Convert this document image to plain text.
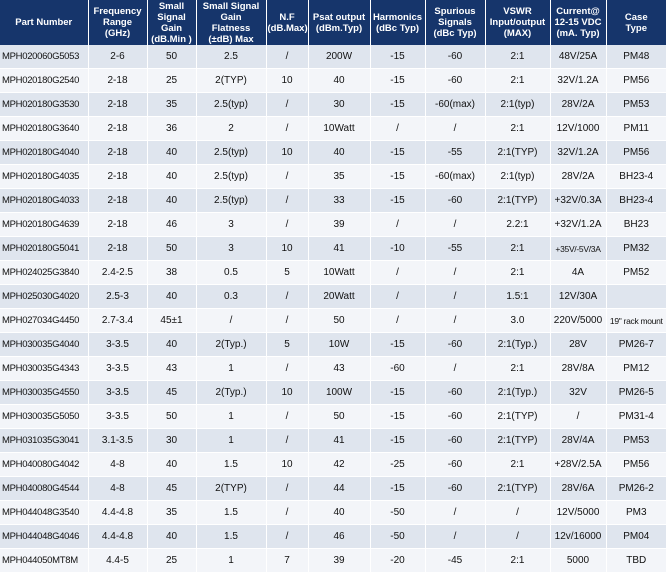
Part Number	Frequency
Range
(GHz)	Small
Signal
Gain
(dB.Min )	Small Signal
Gain
Flatness
(±dB) Max	N.F
(dB.Max)	Psat output
(dBm.Typ)	Harmonics
(dBc Typ)	Spurious
Signals
(dBc Typ)	VSWR
Input/output
(MAX)	Current@
12-15 VDC
(mA. Typ)	Case
Type
MPH020060G5053	2-6	50	2.5	/	200W	-15	-60	2:1	48V/25A	PM48
MPH020180G2540	2-18	25	2(TYP)	10	40	-15	-60	2:1	32V/1.2A	PM56
MPH020180G3530	2-18	35	2.5(typ)	/	30	-15	-60(max)	2:1(typ)	28V/2A	PM53
MPH020180G3640	2-18	36	2	/	10Watt	/	/	2:1	12V/1000	PM11
MPH020180G4040	2-18	40	2.5(typ)	10	40	-15	-55	2:1(TYP)	32V/1.2A	PM56
MPH020180G4035	2-18	40	2.5(typ)	/	35	-15	-60(max)	2:1(typ)	28V/2A	BH23-4
MPH020180G4033	2-18	40	2.5(typ)	/	33	-15	-60	2:1(TYP)	+32V/0.3A	BH23-4
MPH020180G4639	2-18	46	3	/	39	/	/	2.2:1	+32V/1.2A	BH23
MPH020180G5041	2-18	50	3	10	41	-10	-55	2:1	+35V/-5V/3A	PM32
MPH024025G3840	2.4-2.5	38	0.5	5	10Watt	/	/	2:1	4A	PM52
MPH025030G4020	2.5-3	40	0.3	/	20Watt	/	/	1.5:1	12V/30A	
MPH027034G4450	2.7-3.4	45±1	/	/	50	/	/	3.0	220V/5000	19" rack mount
MPH030035G4040	3-3.5	40	2(Typ.)	5	10W	-15	-60	2:1(Typ.)	28V	PM26-7
MPH030035G4343	3-3.5	43	1	/	43	-60	/	2:1	28V/8A	PM12
MPH030035G4550	3-3.5	45	2(Typ.)	10	100W	-15	-60	2:1(Typ.)	32V	PM26-5
MPH030035G5050	3-3.5	50	1	/	50	-15	-60	2:1(TYP)	/	PM31-4
MPH031035G3041	3.1-3.5	30	1	/	41	-15	-60	2:1(TYP)	28V/4A	PM53
MPH040080G4042	4-8	40	1.5	10	42	-25	-60	2:1	+28V/2.5A	PM56
MPH040080G4544	4-8	45	2(TYP)	/	44	-15	-60	2:1(TYP)	28V/6A	PM26-2
MPH044048G3540	4.4-4.8	35	1.5	/	40	-50	/	/	12V/5000	PM3
MPH044048G4046	4.4-4.8	40	1.5	/	46	-50	/	/	12v/16000	PM04
MPH044050MT8M	4.4-5	25	1	7	39	-20	-45	2:1	5000	TBD
